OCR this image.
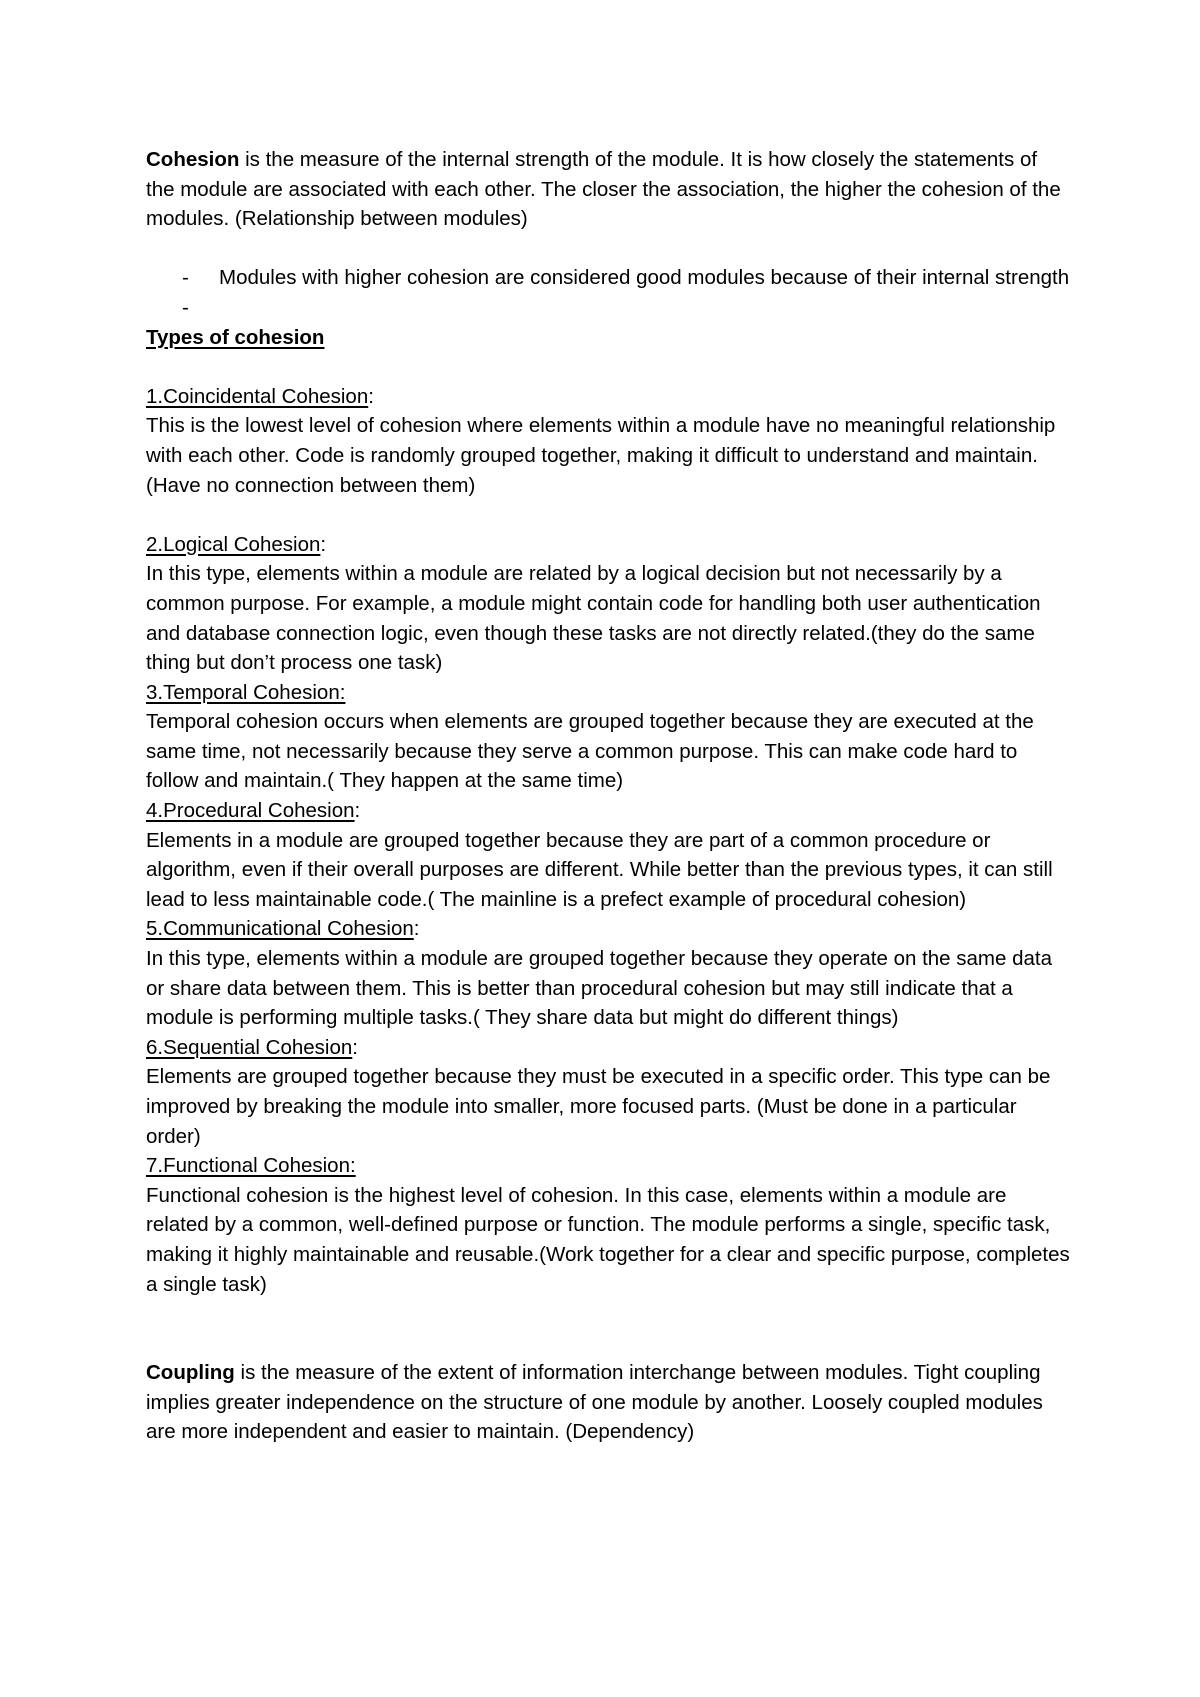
Cohesion is the measure of the internal strength of the module. It is how closely the statements of the module are associated with each other. The closer the association, the higher the cohesion of the modules. (Relationship between modules)

- Modules with higher cohesion are considered good modules because of their internal strength
-

Types of cohesion

1.Coincidental Cohesion:

This is the lowest level of cohesion where elements within a module have no meaningful relationship with each other. Code is randomly grouped together, making it difficult to understand and maintain. (Have no connection between them)

2.Logical Cohesion:

In this type, elements within a module are related by a logical decision but not necessarily by a common purpose. For example, a module might contain code for handling both user authentication and database connection logic, even though these tasks are not directly related.(they do the same thing but don’t process one task)

3.Temporal Cohesion:

Temporal cohesion occurs when elements are grouped together because they are executed at the same time, not necessarily because they serve a common purpose. This can make code hard to follow and maintain.( They happen at the same time)

4.Procedural Cohesion:

Elements in a module are grouped together because they are part of a common procedure or algorithm, even if their overall purposes are different. While better than the previous types, it can still lead to less maintainable code.( The mainline is a prefect example of procedural cohesion)

5.Communicational Cohesion:

In this type, elements within a module are grouped together because they operate on the same data or share data between them. This is better than procedural cohesion but may still indicate that a module is performing multiple tasks.( They share data but might do different things)

6.Sequential Cohesion:

Elements are grouped together because they must be executed in a specific order. This type can be improved by breaking the module into smaller, more focused parts. (Must be done in a particular order)

7.Functional Cohesion:

Functional cohesion is the highest level of cohesion. In this case, elements within a module are related by a common, well-defined purpose or function. The module performs a single, specific task, making it highly maintainable and reusable.(Work together for a clear and specific purpose, completes a single task)

Coupling is the measure of the extent of information interchange between modules. Tight coupling implies greater independence on the structure of one module by another. Loosely coupled modules are more independent and easier to maintain. (Dependency)
